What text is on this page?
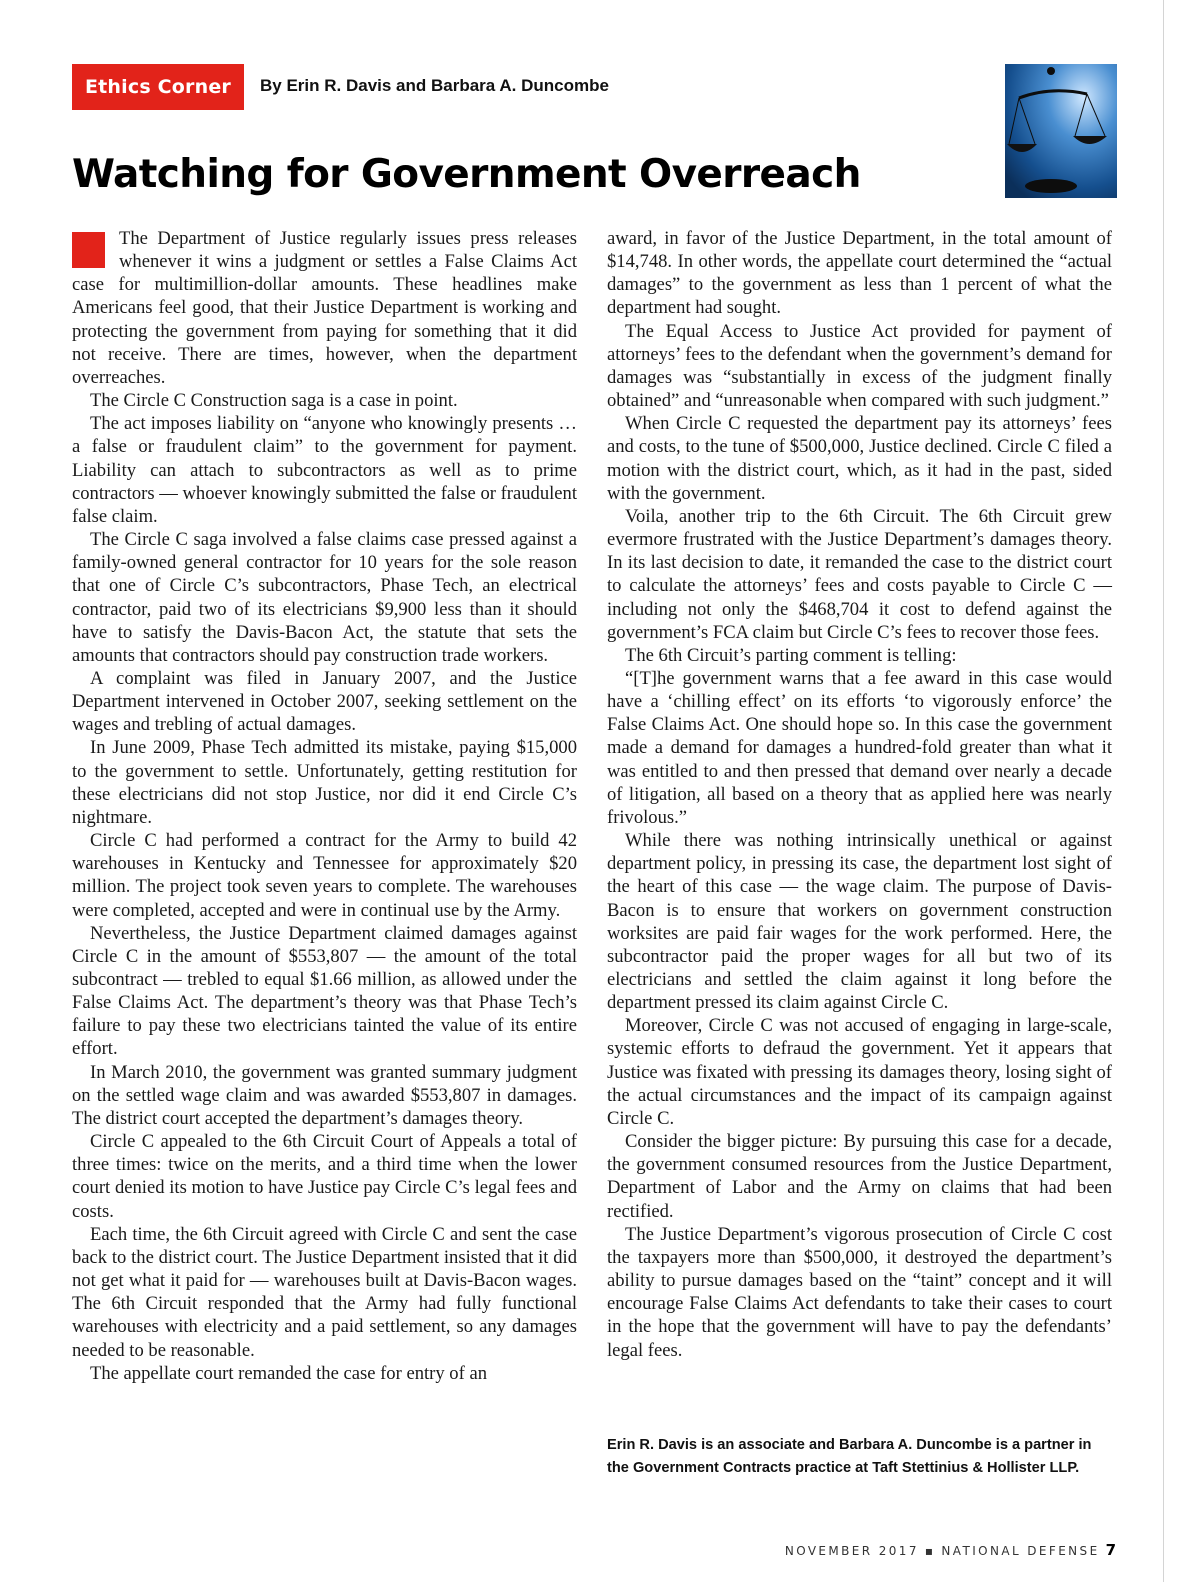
Ethics Corner	By Erin R. Davis and Barbara A. Duncombe
Watching for Government Overreach

The Department of Justice regularly issues press releases whenever it wins a judgment or settles a False Claims Act case for multimillion-dollar amounts. These headlines make Americans feel good, that their Justice Department is working and protecting the government from paying for something that it did not receive. There are times, however, when the department overreaches.

The Circle C Construction saga is a case in point.

The act imposes liability on “anyone who knowingly presents … a false or fraudulent claim” to the government for payment. Liability can attach to subcontractors as well as to prime contractors — whoever knowingly submitted the false or fraudulent false claim.

The Circle C saga involved a false claims case pressed against a family-owned general contractor for 10 years for the sole reason that one of Circle C’s subcontractors, Phase Tech, an electrical contractor, paid two of its electricians $9,900 less than it should have to satisfy the Davis-Bacon Act, the statute that sets the amounts that contractors should pay construction trade workers.

A complaint was filed in January 2007, and the Justice Department intervened in October 2007, seeking settlement on the wages and trebling of actual damages.

In June 2009, Phase Tech admitted its mistake, paying $15,000 to the government to settle. Unfortunately, getting restitution for these electricians did not stop Justice, nor did it end Circle C’s nightmare.

Circle C had performed a contract for the Army to build 42 warehouses in Kentucky and Tennessee for approximately $20 million. The project took seven years to complete. The warehouses were completed, accepted and were in continual use by the Army.

Nevertheless, the Justice Department claimed damages against Circle C in the amount of $553,807 — the amount of the total subcontract — trebled to equal $1.66 million, as allowed under the False Claims Act. The department’s theory was that Phase Tech’s failure to pay these two electricians tainted the value of its entire effort.

In March 2010, the government was granted summary judgment on the settled wage claim and was awarded $553,807 in damages. The district court accepted the department’s damages theory.

Circle C appealed to the 6th Circuit Court of Appeals a total of three times: twice on the merits, and a third time when the lower court denied its motion to have Justice pay Circle C’s legal fees and costs.

Each time, the 6th Circuit agreed with Circle C and sent the case back to the district court. The Justice Department insisted that it did not get what it paid for — warehouses built at Davis-Bacon wages. The 6th Circuit responded that the Army had fully functional warehouses with electricity and a paid settlement, so any damages needed to be reasonable.

The appellate court remanded the case for entry of an

award, in favor of the Justice Department, in the total amount of $14,748. In other words, the appellate court determined the “actual damages” to the government as less than 1 percent of what the department had sought.

The Equal Access to Justice Act provided for payment of attorneys’ fees to the defendant when the government’s demand for damages was “substantially in excess of the judgment finally obtained” and “unreasonable when compared with such judgment.”

When Circle C requested the department pay its attorneys’ fees and costs, to the tune of $500,000, Justice declined. Circle C filed a motion with the district court, which, as it had in the past, sided with the government.

Voila, another trip to the 6th Circuit. The 6th Circuit grew evermore frustrated with the Justice Department’s damages theory. In its last decision to date, it remanded the case to the district court to calculate the attorneys’ fees and costs payable to Circle C — including not only the $468,704 it cost to defend against the government’s FCA claim but Circle C’s fees to recover those fees.

The 6th Circuit’s parting comment is telling:

“[T]he government warns that a fee award in this case would have a ‘chilling effect’ on its efforts ‘to vigorously enforce’ the False Claims Act. One should hope so. In this case the government made a demand for damages a hundred-fold greater than what it was entitled to and then pressed that demand over nearly a decade of litigation, all based on a theory that as applied here was nearly frivolous.”

While there was nothing intrinsically unethical or against department policy, in pressing its case, the department lost sight of the heart of this case — the wage claim. The purpose of Davis-Bacon is to ensure that workers on government construction worksites are paid fair wages for the work performed. Here, the subcontractor paid the proper wages for all but two of its electricians and settled the claim against it long before the department pressed its claim against Circle C.

Moreover, Circle C was not accused of engaging in large-scale, systemic efforts to defraud the government. Yet it appears that Justice was fixated with pressing its damages theory, losing sight of the actual circumstances and the impact of its campaign against Circle C.

Consider the bigger picture: By pursuing this case for a decade, the government consumed resources from the Justice Department, Department of Labor and the Army on claims that had been rectified.

The Justice Department’s vigorous prosecution of Circle C cost the taxpayers more than $500,000, it destroyed the department’s ability to pursue damages based on the “taint” concept and it will encourage False Claims Act defendants to take their cases to court in the hope that the government will have to pay the defendants’ legal fees.

Erin R. Davis is an associate and Barbara A. Duncombe is a partner in the Government Contracts practice at Taft Stettinius & Hollister LLP.
NOVEMBER 2017 ▪ NATIONAL DEFENSE 7
